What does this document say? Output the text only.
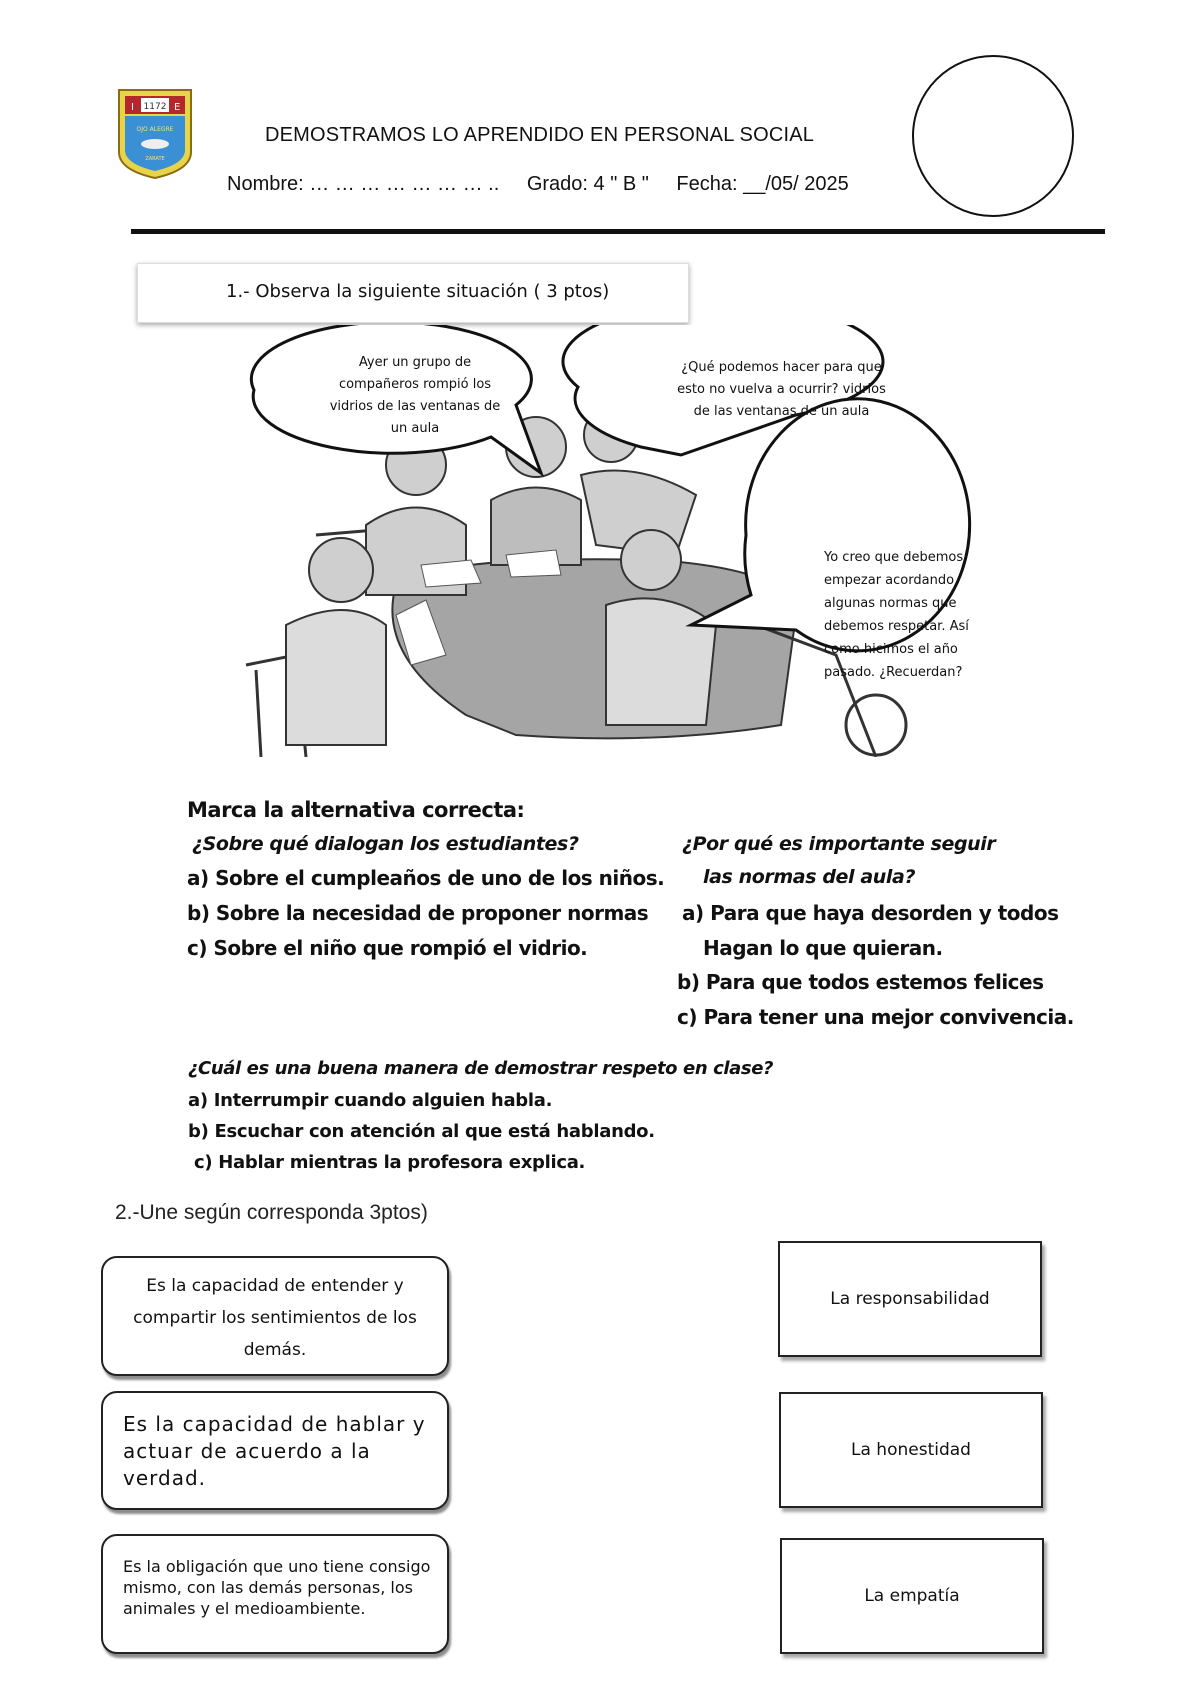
1172
I	E
OJO ALEGRE
ZARATE
DEMOSTRAMOS LO APRENDIDO EN PERSONAL SOCIAL
Nombre: … … … … … … … .. Grado: 4 " B " Fecha: __/05/ 2025
1.- Observa la siguiente situación ( 3 ptos)
Ayer un grupo de
compañeros rompió los
vidrios de las ventanas de
un aula
¿Qué podemos hacer para que
esto no vuelva a ocurrir? vidrios
de las ventanas de un aula
Yo creo que debemos
empezar acordando
algunas normas que
debemos respetar. Así
como hicimos el año
pasado. ¿Recuerdan?
Marca la alternativa correcta:
¿Sobre qué dialogan los estudiantes?
a) Sobre el cumpleaños de uno de los niños.
b) Sobre la necesidad de proponer normas
c) Sobre el niño que rompió el vidrio.
¿Por qué es importante seguir
las normas del aula?
a) Para que haya desorden y todos
Hagan lo que quieran.
b) Para que todos estemos felices
c) Para tener una mejor convivencia.
¿Cuál es una buena manera de demostrar respeto en clase?
a) Interrumpir cuando alguien habla.
b) Escuchar con atención al que está hablando.
c) Hablar mientras la profesora explica.
2.-Une según corresponda 3ptos)
Es la capacidad de entender y compartir los sentimientos de los demás.
Es la capacidad de hablar y actuar de acuerdo a la verdad.
Es la obligación que uno tiene consigo mismo, con las demás personas, los animales y el medioambiente.
La responsabilidad
La honestidad
La empatía
